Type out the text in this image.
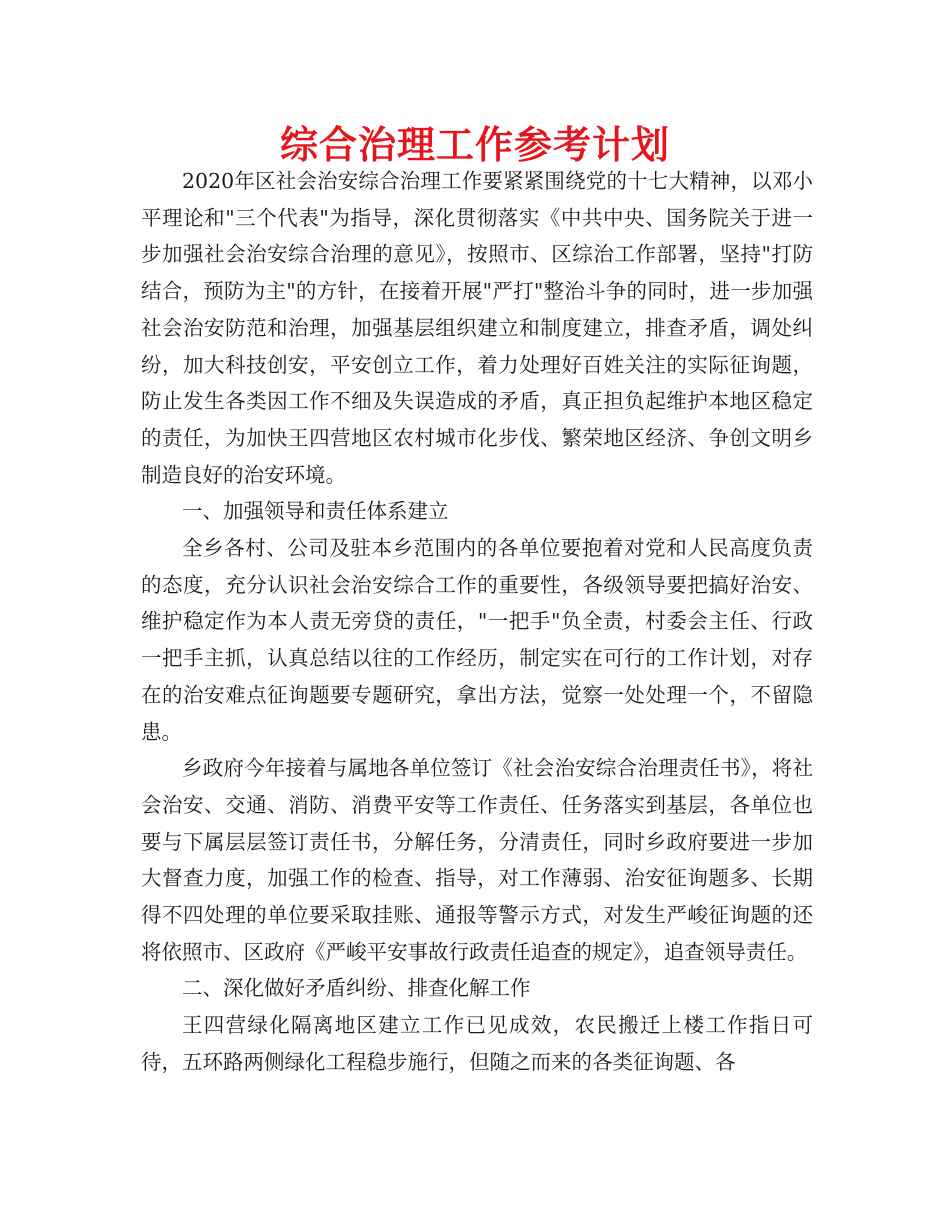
综合治理工作参考计划

2020年区社会治安综合治理工作要紧紧围绕党的十七大精神，以邓小平理论和"三个代表"为指导，深化贯彻落实《中共中央、国务院关于进一步加强社会治安综合治理的意见》，按照市、区综治工作部署，坚持"打防结合，预防为主"的方针，在接着开展"严打"整治斗争的同时，进一步加强社会治安防范和治理，加强基层组织建立和制度建立，排查矛盾，调处纠纷，加大科技创安，平安创立工作，着力处理好百姓关注的实际征询题，防止发生各类因工作不细及失误造成的矛盾，真正担负起维护本地区稳定的责任，为加快王四营地区农村城市化步伐、繁荣地区经济、争创文明乡制造良好的治安环境。

一、加强领导和责任体系建立

全乡各村、公司及驻本乡范围内的各单位要抱着对党和人民高度负责的态度，充分认识社会治安综合工作的重要性，各级领导要把搞好治安、维护稳定作为本人责无旁贷的责任，"一把手"负全责，村委会主任、行政一把手主抓，认真总结以往的工作经历，制定实在可行的工作计划，对存在的治安难点征询题要专题研究，拿出方法，觉察一处处理一个，不留隐患。

乡政府今年接着与属地各单位签订《社会治安综合治理责任书》，将社会治安、交通、消防、消费平安等工作责任、任务落实到基层，各单位也要与下属层层签订责任书，分解任务，分清责任，同时乡政府要进一步加大督查力度，加强工作的检查、指导，对工作薄弱、治安征询题多、长期得不四处理的单位要采取挂账、通报等警示方式，对发生严峻征询题的还将依照市、区政府《严峻平安事故行政责任追查的规定》，追查领导责任。

二、深化做好矛盾纠纷、排查化解工作

王四营绿化隔离地区建立工作已见成效，农民搬迁上楼工作指日可待，五环路两侧绿化工程稳步施行，但随之而来的各类征询题、各
